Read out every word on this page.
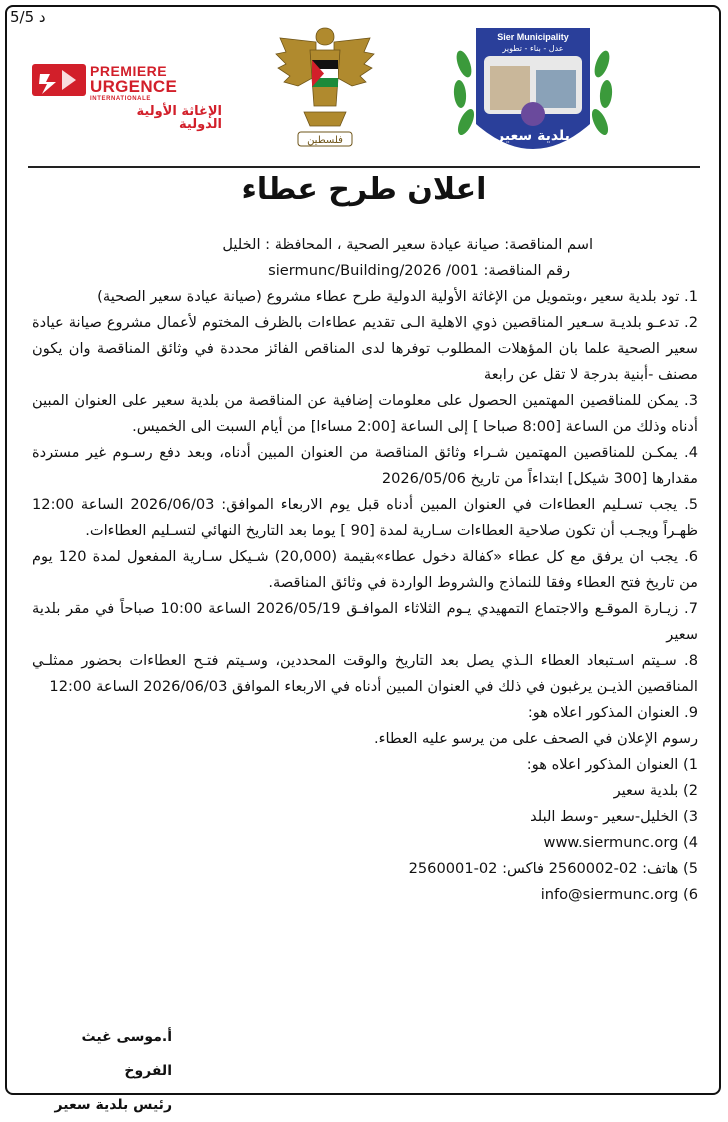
5/5 د
PREMIERE
URGENCE
INTERNATIONALE
الإغاثة الأولية الدولية
فلسطين
Sier Municipality
عدل - بناء - تطوير
بلدية سعير
اعلان طرح عطاء

اسم المناقصة: صيانة عيادة سعير الصحية ، المحافظة : الخليل

رقم المناقصة: siermunc/Building/2026 /001

1. تود بلدية سعير ،وبتمويل من الإغاثة الأولية الدولية طرح عطاء مشروع (صيانة عيادة سعير الصحية)

2. تدعـو بلديـة سـعير المناقصين ذوي الاهلية الـى تقديم عطاءات بالظرف المختوم لأعمال مشروع صيانة عيادة سعير الصحية علما بان المؤهلات المطلوب توفرها لدى المناقص الفائز محددة في وثائق المناقصة وان يكون مصنف -أبنية بدرجة لا تقل عن رابعة

3. يمكن للمناقصين المهتمين الحصول على معلومات إضافية عن المناقصة من بلدية سعير على العنوان المبين أدناه وذلك من الساعة [8:00 صباحا ] إلى الساعة [2:00 مساءا] من أيام السبت الى الخميس.

4. يمكـن للمناقصين المهتمين شـراء وثائق المناقصة من العنوان المبين أدناه، وبعد دفع رسـوم غير مستردة مقدارها [300 شيكل] ابتداءاً من تاريخ 2026/05/06

5. يجب تسـليم العطاءات في العنوان المبين أدناه قبل يوم الاربعاء الموافق: 2026/06/03 الساعة 12:00 ظهـراً ويجـب أن تكون صلاحية العطاءات سـارية لمدة [90 ] يوما بعد التاريخ النهائي لتسـليم العطاءات.

6. يجب ان يرفق مع كل عطاء «كفالة دخول عطاء»بقيمة (20,000) شـيكل سـارية المفعول لمدة 120 يوم من تاريخ فتح العطاء وفقا للنماذج والشروط الواردة في وثائق المناقصة.

7. زيـارة الموقـع والاجتماع التمهيدي يـوم الثلاثاء الموافـق 2026/05/19 الساعة 10:00 صباحاً في مقر بلدية سعير

8. سـيتم اسـتبعاد العطاء الـذي يصل بعد التاريخ والوقت المحددين، وسـيتم فتـح العطاءات بحضور ممثلـي المناقصين الذيـن يرغبون في ذلك في العنوان المبين أدناه في الاربعاء الموافق 2026/06/03 الساعة 12:00

9. العنوان المذكور اعلاه هو:

رسوم الإعلان في الصحف على من يرسو عليه العطاء.

1) العنوان المذكور اعلاه هو:

2) بلدية سعير

3) الخليل-سعير -وسط البلد

4) www.siermunc.org

5) هاتف: 02-2560002 فاكس: 02-2560001

6) info@siermunc.org

أ.موسى غيث الفروخ
رئيس بلدية سعير
